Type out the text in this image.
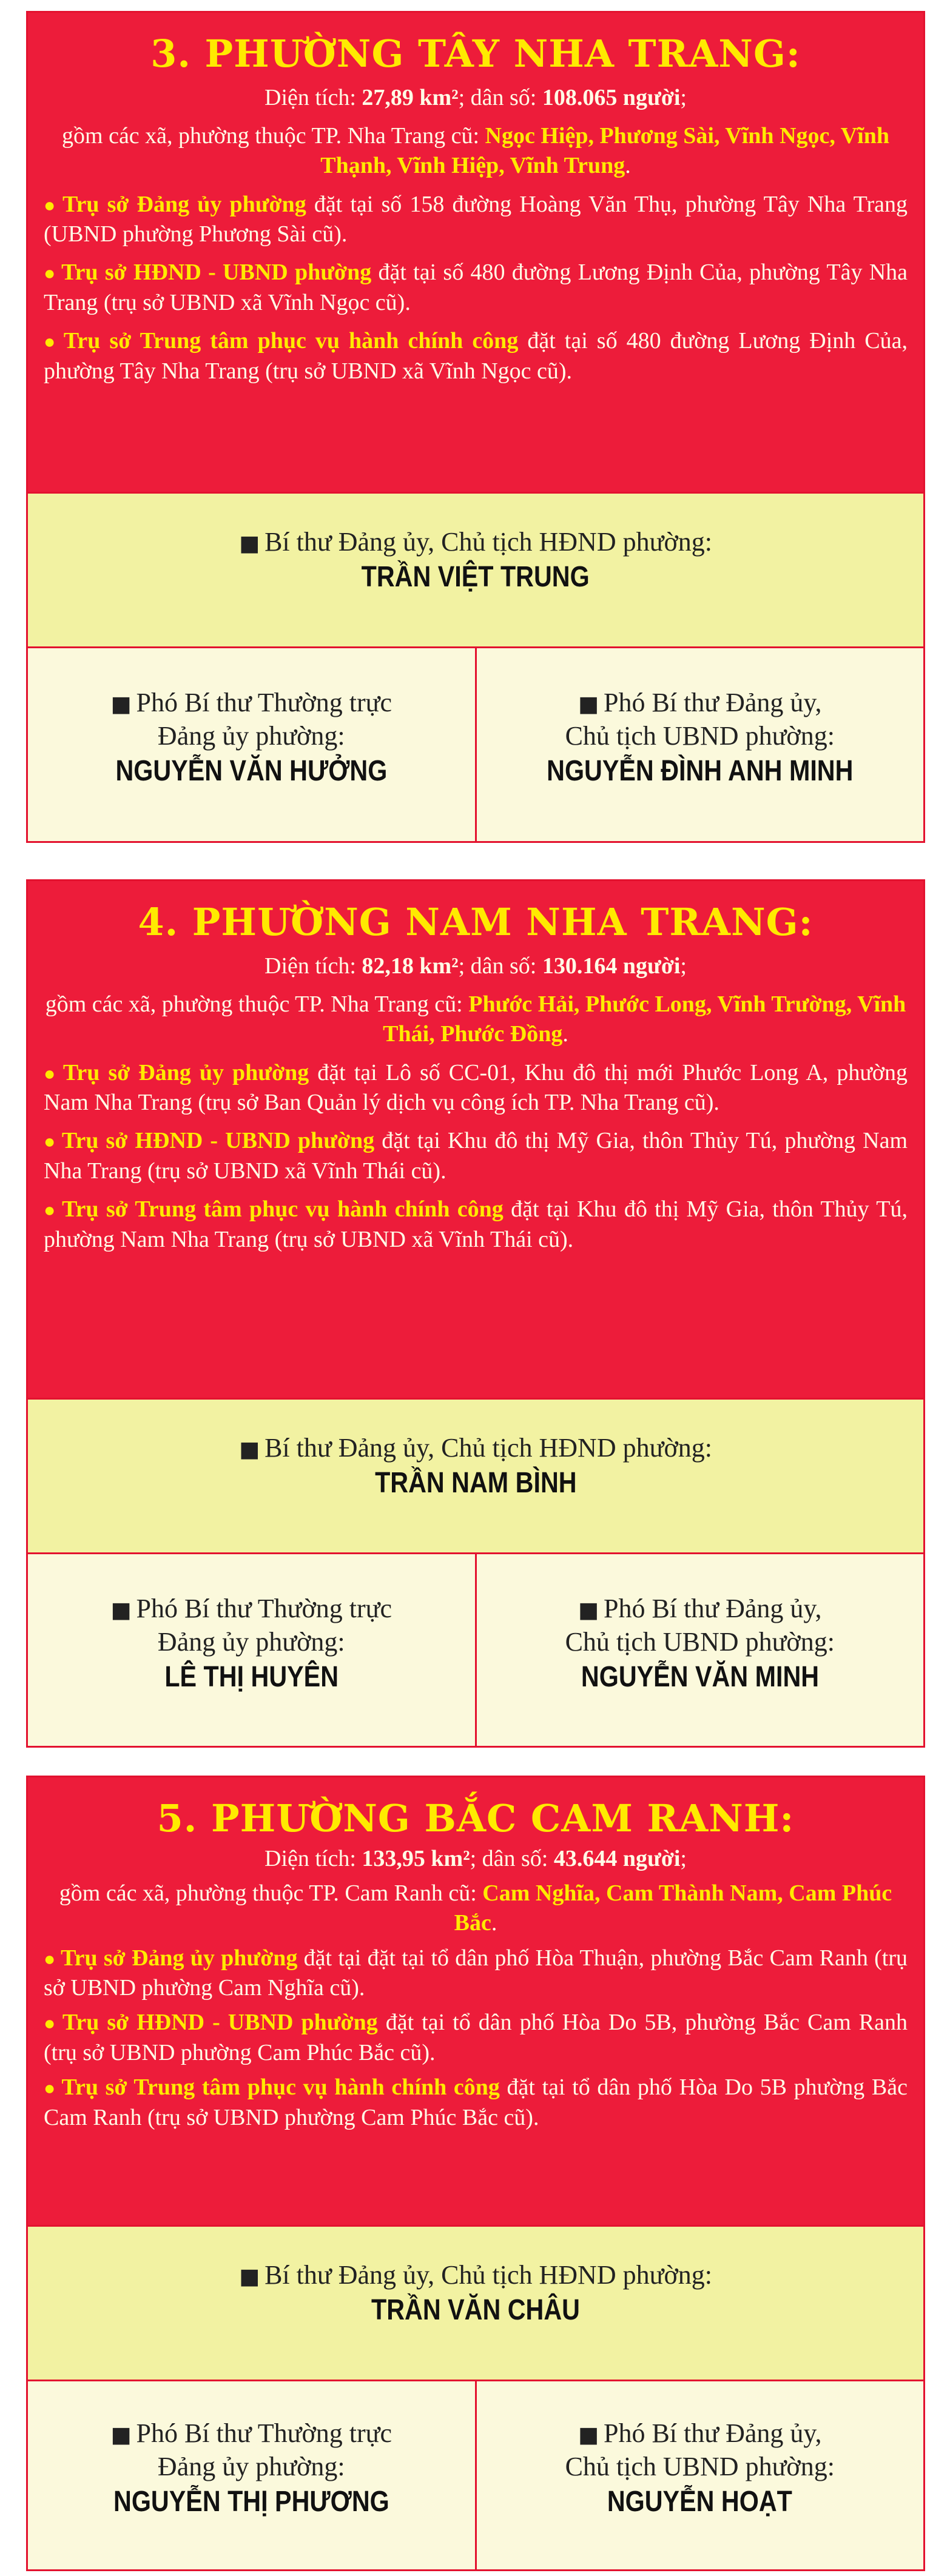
3. PHƯỜNG TÂY NHA TRANG:
Diện tích: 27,89 km²; dân số: 108.065 người;
gồm các xã, phường thuộc TP. Nha Trang cũ: Ngọc Hiệp, Phương Sài, Vĩnh Ngọc, Vĩnh Thạnh, Vĩnh Hiệp, Vĩnh Trung.
● Trụ sở Đảng ủy phường đặt tại số 158 đường Hoàng Văn Thụ, phường Tây Nha Trang (UBND phường Phương Sài cũ).
● Trụ sở HĐND - UBND phường đặt tại số 480 đường Lương Định Của, phường Tây Nha Trang (trụ sở UBND xã Vĩnh Ngọc cũ).
● Trụ sở Trung tâm phục vụ hành chính công đặt tại số 480 đường Lương Định Của, phường Tây Nha Trang (trụ sở UBND xã Vĩnh Ngọc cũ).
■ Bí thư Đảng ủy, Chủ tịch HĐND phường:
TRẦN VIỆT TRUNG
■ Phó Bí thư Thường trực
Đảng ủy phường:
NGUYỄN VĂN HƯỞNG
■ Phó Bí thư Đảng ủy,
Chủ tịch UBND phường:
NGUYỄN ĐÌNH ANH MINH
4. PHƯỜNG NAM NHA TRANG:
Diện tích: 82,18 km²; dân số: 130.164 người;
gồm các xã, phường thuộc TP. Nha Trang cũ: Phước Hải, Phước Long, Vĩnh Trường, Vĩnh Thái, Phước Đồng.
● Trụ sở Đảng ủy phường đặt tại Lô số CC-01, Khu đô thị mới Phước Long A, phường Nam Nha Trang (trụ sở Ban Quản lý dịch vụ công ích TP. Nha Trang cũ).
● Trụ sở HĐND - UBND phường đặt tại Khu đô thị Mỹ Gia, thôn Thủy Tú, phường Nam Nha Trang (trụ sở UBND xã Vĩnh Thái cũ).
● Trụ sở Trung tâm phục vụ hành chính công đặt tại Khu đô thị Mỹ Gia, thôn Thủy Tú, phường Nam Nha Trang (trụ sở UBND xã Vĩnh Thái cũ).
■ Bí thư Đảng ủy, Chủ tịch HĐND phường:
TRẦN NAM BÌNH
■ Phó Bí thư Thường trực
Đảng ủy phường:
LÊ THỊ HUYÊN
■ Phó Bí thư Đảng ủy,
Chủ tịch UBND phường:
NGUYỄN VĂN MINH
5. PHƯỜNG BẮC CAM RANH:
Diện tích: 133,95 km²; dân số: 43.644 người;
gồm các xã, phường thuộc TP. Cam Ranh cũ: Cam Nghĩa, Cam Thành Nam, Cam Phúc Bắc.
● Trụ sở Đảng ủy phường đặt tại đặt tại tổ dân phố Hòa Thuận, phường Bắc Cam Ranh (trụ sở UBND phường Cam Nghĩa cũ).
● Trụ sở HĐND - UBND phường đặt tại tổ dân phố Hòa Do 5B, phường Bắc Cam Ranh (trụ sở UBND phường Cam Phúc Bắc cũ).
● Trụ sở Trung tâm phục vụ hành chính công đặt tại tổ dân phố Hòa Do 5B phường Bắc Cam Ranh (trụ sở UBND phường Cam Phúc Bắc cũ).
■ Bí thư Đảng ủy, Chủ tịch HĐND phường:
TRẦN VĂN CHÂU
■ Phó Bí thư Thường trực
Đảng ủy phường:
NGUYỄN THỊ PHƯƠNG
■ Phó Bí thư Đảng ủy,
Chủ tịch UBND phường:
NGUYỄN HOẠT
